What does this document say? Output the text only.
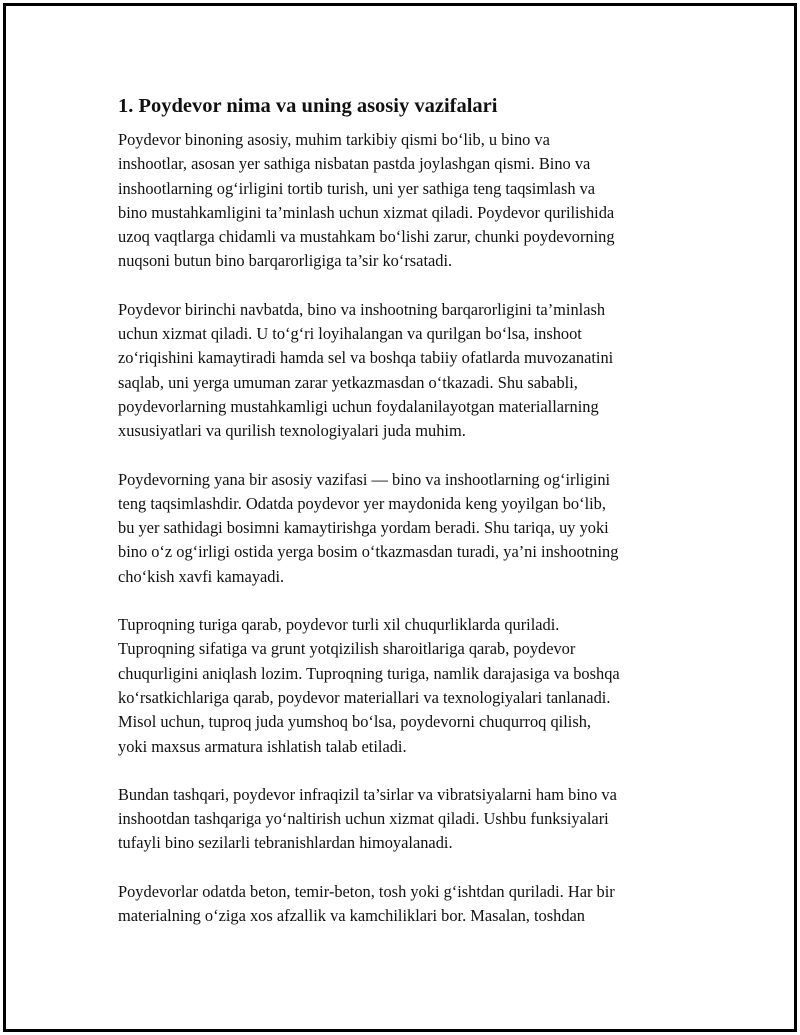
1. Poydevor nima va uning asosiy vazifalari
Poydevor binoning asosiy, muhim tarkibiy qismi bo‘lib, u bino va
inshootlar, asosan yer sathiga nisbatan pastda joylashgan qismi. Bino va
inshootlarning og‘irligini tortib turish, uni yer sathiga teng taqsimlash va
bino mustahkamligini ta’minlash uchun xizmat qiladi. Poydevor qurilishida
uzoq vaqtlarga chidamli va mustahkam bo‘lishi zarur, chunki poydevorning
nuqsoni butun bino barqarorligiga ta’sir ko‘rsatadi.
Poydevor birinchi navbatda, bino va inshootning barqarorligini ta’minlash
uchun xizmat qiladi. U to‘g‘ri loyihalangan va qurilgan bo‘lsa, inshoot
zo‘riqishini kamaytiradi hamda sel va boshqa tabiiy ofatlarda muvozanatini
saqlab, uni yerga umuman zarar yetkazmasdan o‘tkazadi. Shu sababli,
poydevorlarning mustahkamligi uchun foydalanilayotgan materiallarning
xususiyatlari va qurilish texnologiyalari juda muhim.
Poydevorning yana bir asosiy vazifasi — bino va inshootlarning og‘irligini
teng taqsimlashdir. Odatda poydevor yer maydonida keng yoyilgan bo‘lib,
bu yer sathidagi bosimni kamaytirishga yordam beradi. Shu tariqa, uy yoki
bino o‘z og‘irligi ostida yerga bosim o‘tkazmasdan turadi, ya’ni inshootning
cho‘kish xavfi kamayadi.
Tuproqning turiga qarab, poydevor turli xil chuqurliklarda quriladi.
Tuproqning sifatiga va grunt yotqizilish sharoitlariga qarab, poydevor
chuqurligini aniqlash lozim. Tuproqning turiga, namlik darajasiga va boshqa
ko‘rsatkichlariga qarab, poydevor materiallari va texnologiyalari tanlanadi.
Misol uchun, tuproq juda yumshoq bo‘lsa, poydevorni chuqurroq qilish,
yoki maxsus armatura ishlatish talab etiladi.
Bundan tashqari, poydevor infraqizil ta’sirlar va vibratsiyalarni ham bino va
inshootdan tashqariga yo‘naltirish uchun xizmat qiladi. Ushbu funksiyalari
tufayli bino sezilarli tebranishlardan himoyalanadi.
Poydevorlar odatda beton, temir-beton, tosh yoki g‘ishtdan quriladi. Har bir
materialning o‘ziga xos afzallik va kamchiliklari bor. Masalan, toshdan
